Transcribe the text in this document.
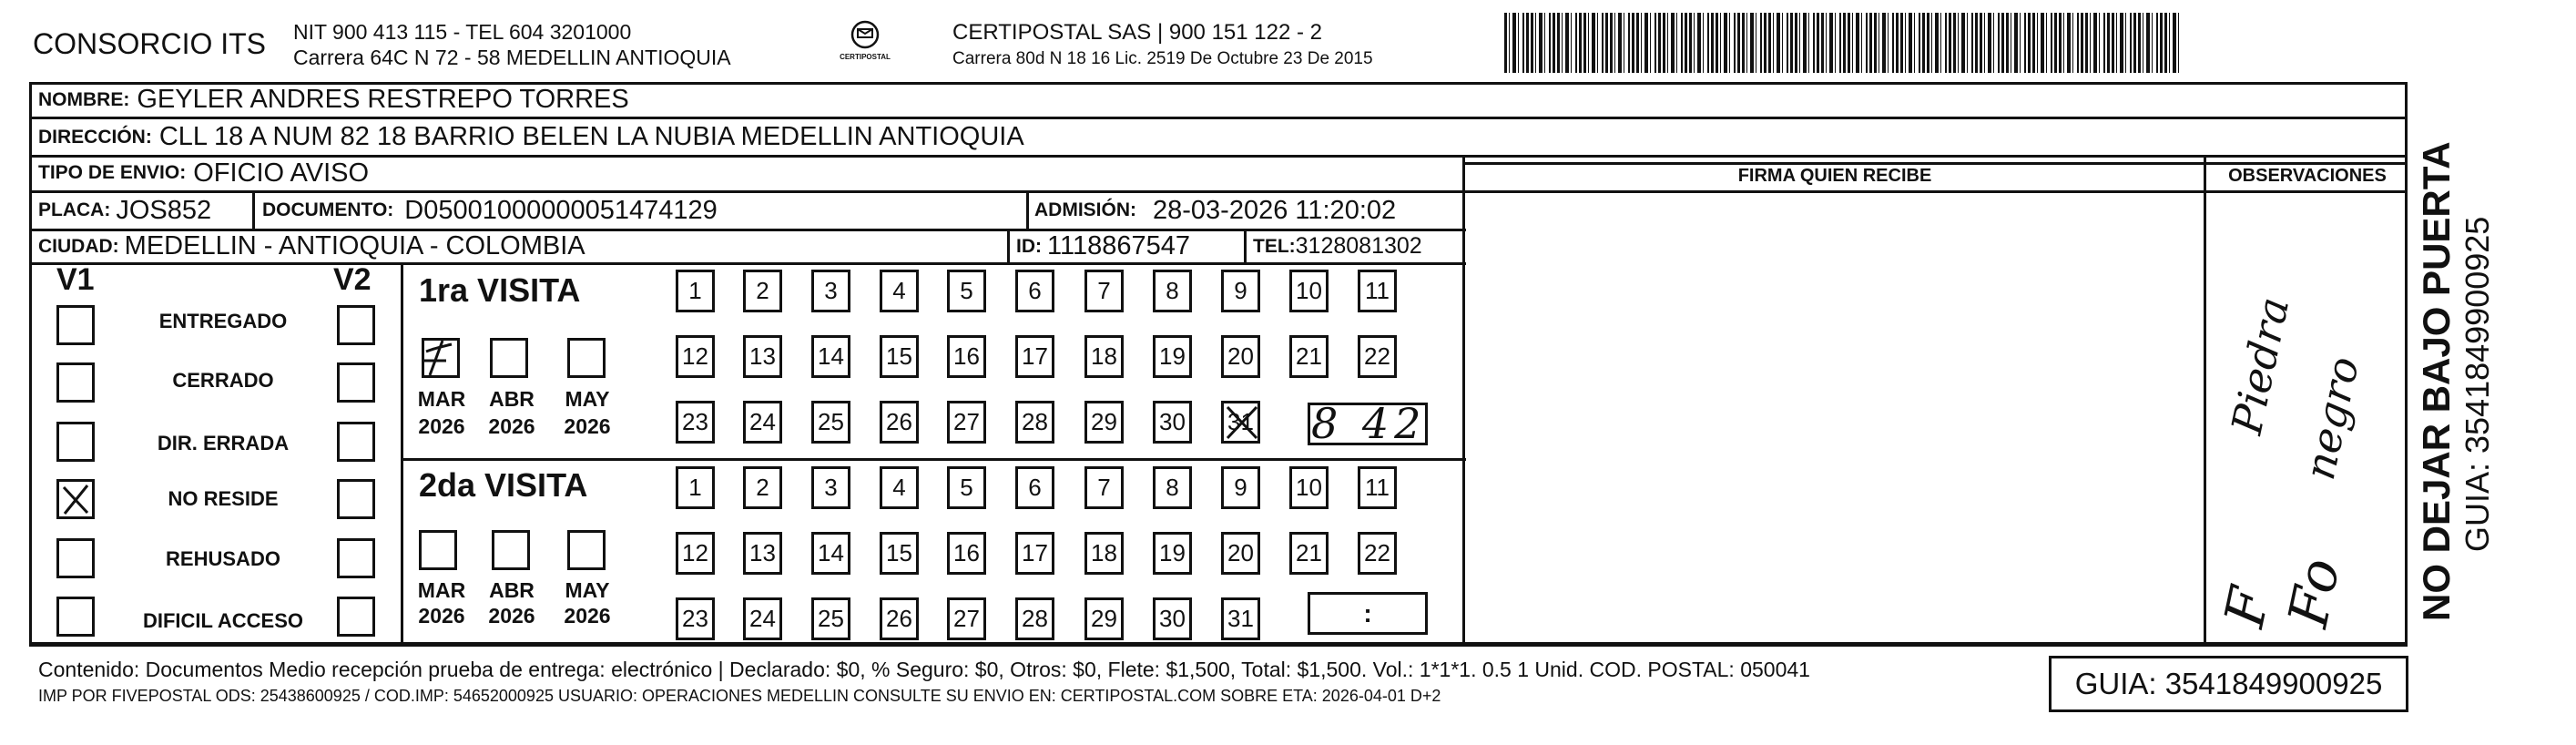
CONSORCIO ITS NIT 900 413 115 - TEL 604 3201000
Carrera 64C N 72 - 58 MEDELLIN ANTIOQUIA	CERTIPOSTAL
CERTIPOSTAL SAS | 900 151 122 - 2
Carrera 80d N 18 16 Lic. 2519 De Octubre 23 De 2015
NOMBRE: GEYLER ANDRES RESTREPO TORRES
DIRECCIÓN: CLL 18 A NUM 82 18 BARRIO BELEN LA NUBIA MEDELLIN ANTIOQUIA
TIPO DE ENVIO: OFICIO AVISO
PLACA: JOS852	DOCUMENTO: D05001000000051474129	ADMISIÓN: 28-03-2026 11:20:02
CIUDAD: MEDELLIN - ANTIOQUIA - COLOMBIA	ID: 1118867547	TEL: 3128081302
FIRMA QUIEN RECIBE	OBSERVACIONES
V1	V2
ENTREGADO
CERRADO
DIR. ERRADA
NO RESIDE
REHUSADO
DIFICIL ACCESO
1ra VISITA
MAR	ABR	MAY
2026 2026 2026
1	2	3	4	5	6	7	8	9	10	11
12 13 14 15 16 17 18 19 20 21 22
23 24 25 26 27 28 29 30 31 8 42
2da VISITA
MAR	ABR	MAY
2026 2026 2026
1	2	3	4	5	6	7	8	9	10	11
12 13 14 15 16 17 18 19 20 21 22
23 24 25 26 27 28 29 30 31	:
Piedra
negro
F
Fo NO DEJAR BAJO PUERTA GUIA: 3541849900925
Contenido: Documentos Medio recepción prueba de entrega: electrónico | Declarado: $0, % Seguro: $0, Otros: $0, Flete: $1,500, Total: $1,500. Vol.: 1*1*1. 0.5 1 Unid. COD. POSTAL: 050041
IMP POR FIVEPOSTAL ODS: 25438600925 / COD.IMP: 54652000925 USUARIO: OPERACIONES MEDELLIN CONSULTE SU ENVIO EN: CERTIPOSTAL.COM SOBRE ETA: 2026-04-01 D+2	GUIA: 3541849900925
